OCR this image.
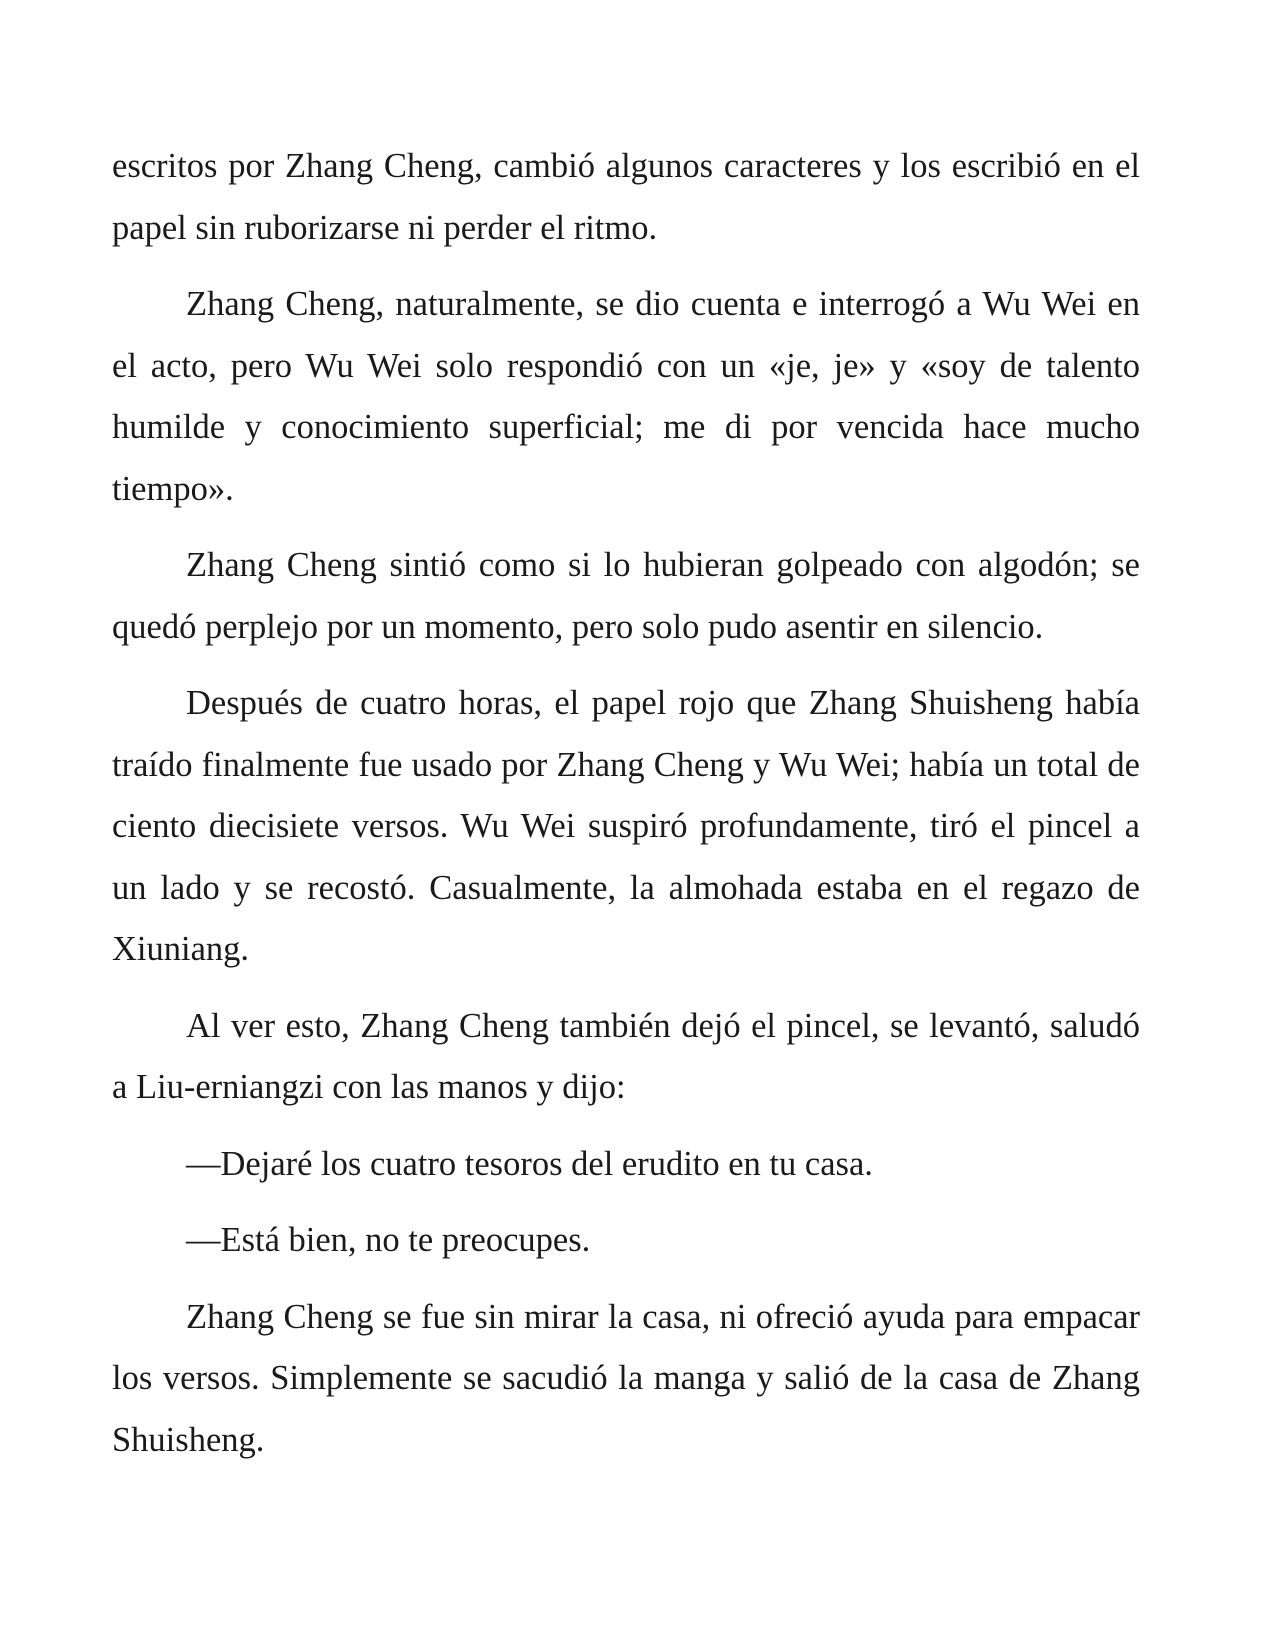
escritos por Zhang Cheng, cambió algunos caracteres y los escribió en el papel sin ruborizarse ni perder el ritmo.

Zhang Cheng, naturalmente, se dio cuenta e interrogó a Wu Wei en el acto, pero Wu Wei solo respondió con un «je, je» y «soy de talento humilde y conocimiento superficial; me di por vencida hace mucho tiempo».

Zhang Cheng sintió como si lo hubieran golpeado con algodón; se quedó perplejo por un momento, pero solo pudo asentir en silencio.

Después de cuatro horas, el papel rojo que Zhang Shuisheng había traído finalmente fue usado por Zhang Cheng y Wu Wei; había un total de ciento diecisiete versos. Wu Wei suspiró profundamente, tiró el pincel a un lado y se recostó. Casualmente, la almohada estaba en el regazo de Xiuniang.

Al ver esto, Zhang Cheng también dejó el pincel, se levantó, saludó a Liu-erniangzi con las manos y dijo:

—Dejaré los cuatro tesoros del erudito en tu casa.

—Está bien, no te preocupes.

Zhang Cheng se fue sin mirar la casa, ni ofreció ayuda para empacar los versos. Simplemente se sacudió la manga y salió de la casa de Zhang Shuisheng.
